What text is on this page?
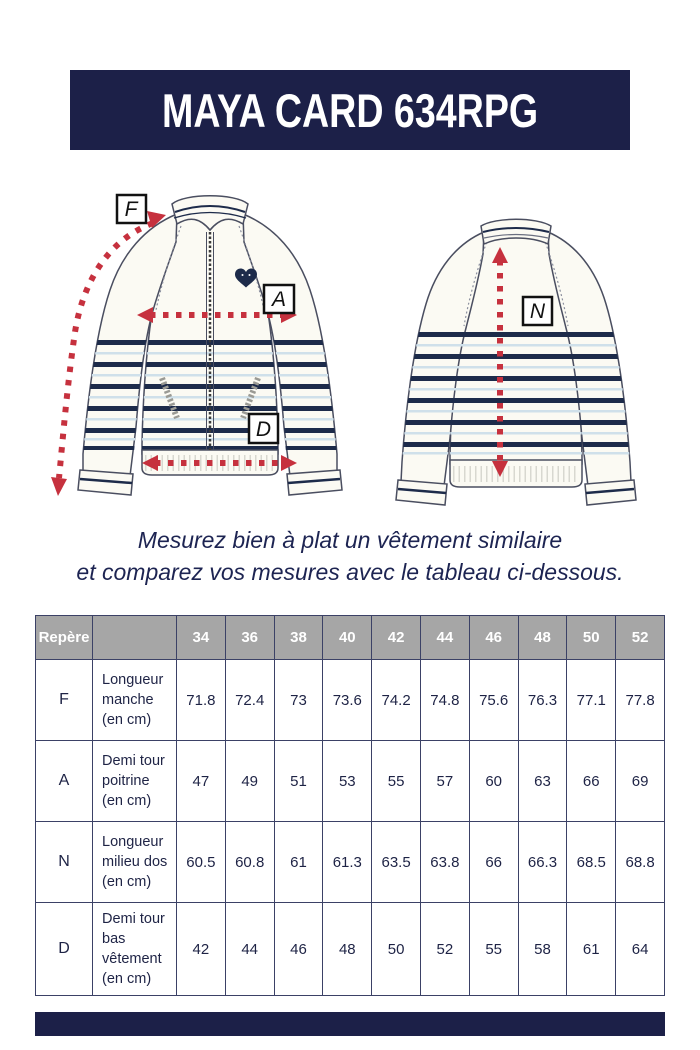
MAYA CARD 634RPG
F
A
D
N
Mesurez bien à plat un vêtement similaire
et comparez vos mesures avec le tableau ci-dessous.
Repère		34	36	38	40	42	44	46	48	50	52
F	Longueur manche (en cm)	71.8	72.4	73	73.6	74.2	74.8	75.6	76.3	77.1	77.8
A	Demi tour poitrine (en cm)	47	49	51	53	55	57	60	63	66	69
N	Longueur milieu dos (en cm)	60.5	60.8	61	61.3	63.5	63.8	66	66.3	68.5	68.8
D	Demi tour bas vêtement (en cm)	42	44	46	48	50	52	55	58	61	64
